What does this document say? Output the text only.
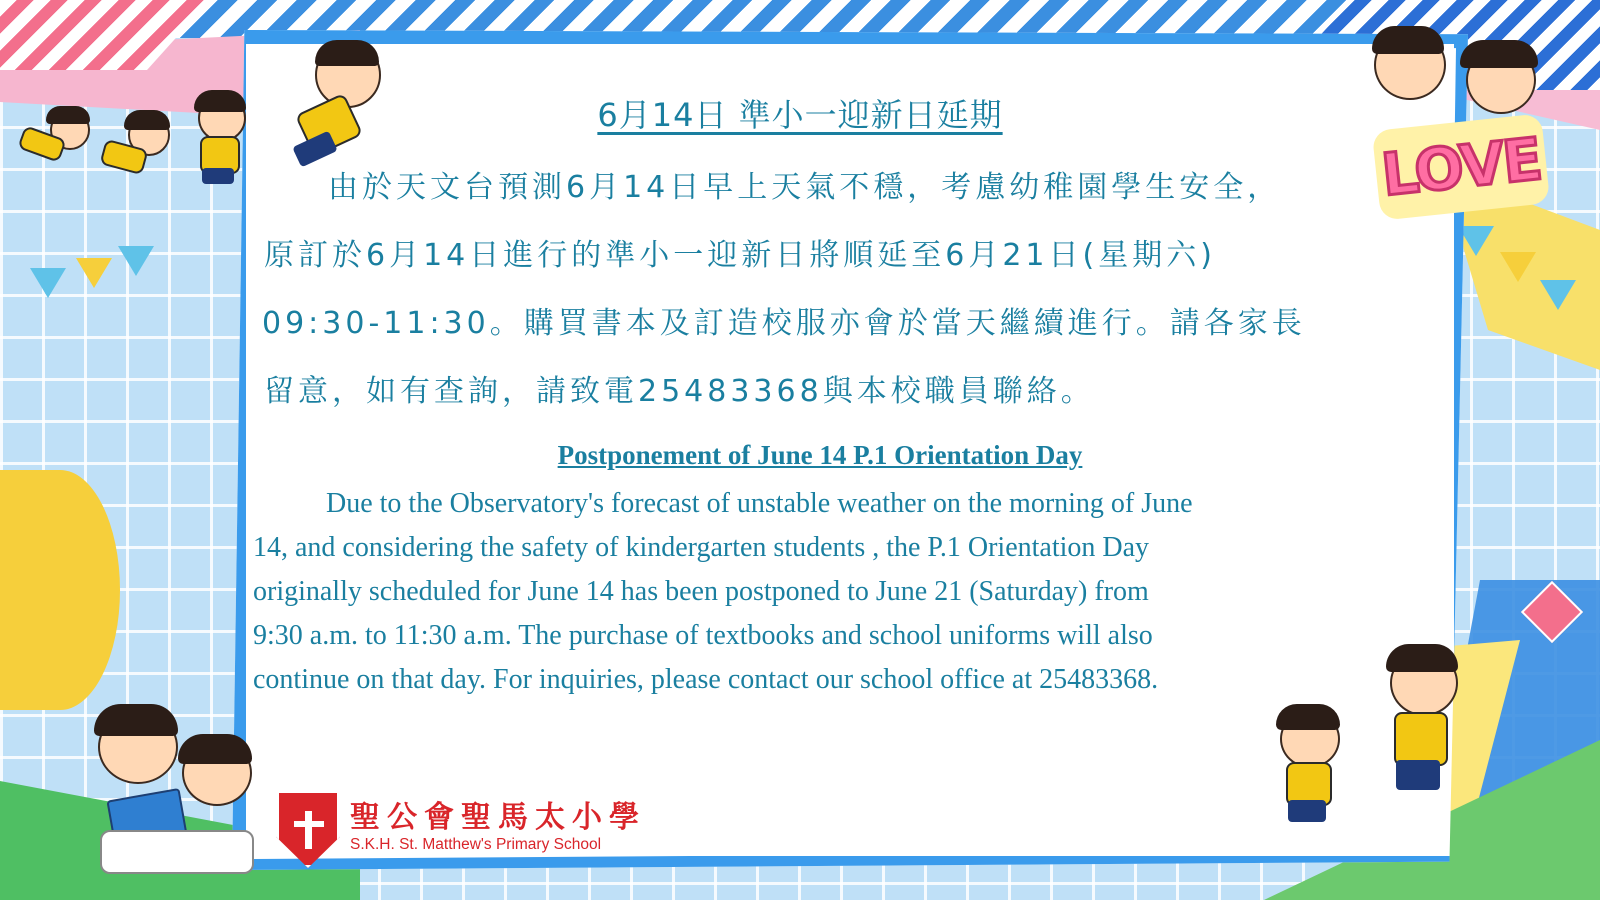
LOVE
6月14日 準小一迎新日延期
由於天文台預測6月14日早上天氣不穩，考慮幼稚園學生安全，
原訂於6月14日進行的準小一迎新日將順延至6月21日(星期六)
09:30-11:30。購買書本及訂造校服亦會於當天繼續進行。請各家長
留意，如有查詢，請致電25483368與本校職員聯絡。
Postponement of June 14 P.1 Orientation Day
Due to the Observatory's forecast of unstable weather on the morning of June
14, and considering the safety of kindergarten students , the P.1 Orientation Day
originally scheduled for June 14 has been postponed to June 21 (Saturday) from
9:30 a.m. to 11:30 a.m. The purchase of textbooks and school uniforms will also
continue on that day. For inquiries, please contact our school office at 25483368.
聖公會聖馬太小學
S.K.H. St. Matthew's Primary School
